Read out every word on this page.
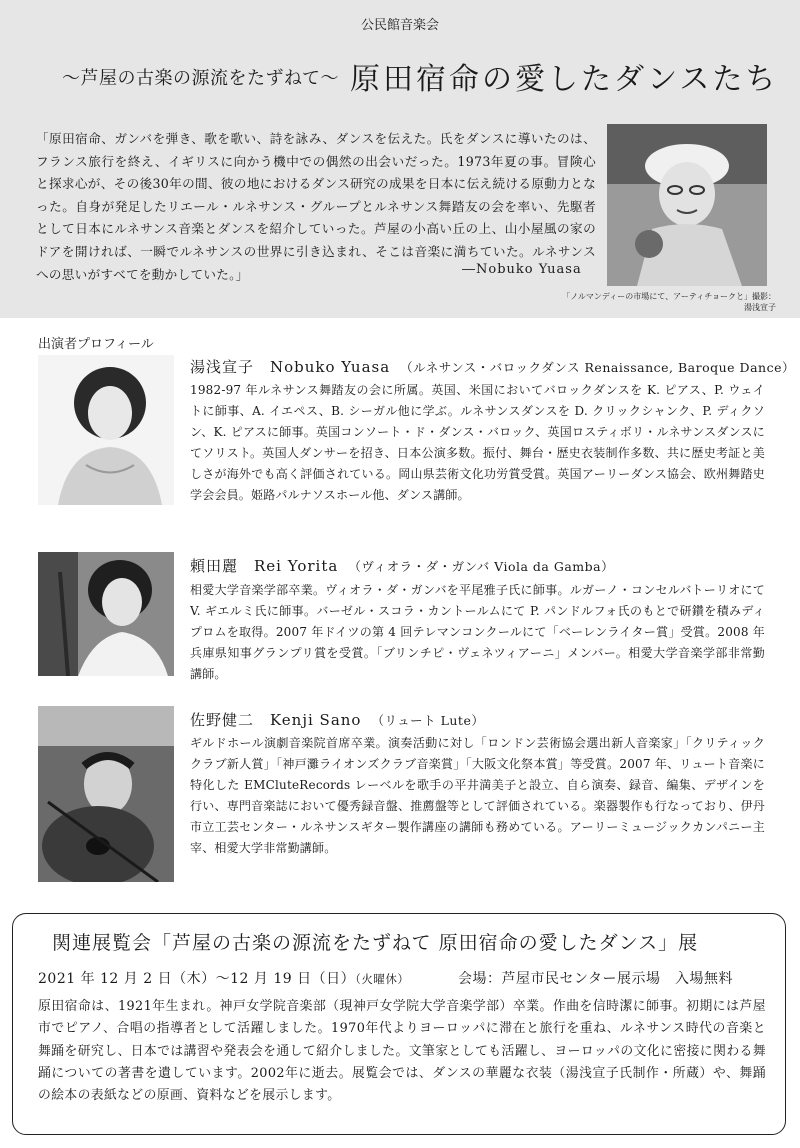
公民館音楽会
～芦屋の古楽の源流をたずねて～ 原田宿命の愛したダンスたち
「原田宿命、ガンバを弾き、歌を歌い、詩を詠み、ダンスを伝えた。氏をダンスに導いたのは、フランス旅行を終え、イギリスに向かう機中での偶然の出会いだった。1973年夏の事。冒険心と探求心が、その後30年の間、彼の地におけるダンス研究の成果を日本に伝え続ける原動力となった。自身が発足したリエール・ルネサンス・グループとルネサンス舞踏友の会を率い、先駆者として日本にルネサンス音楽とダンスを紹介していった。芦屋の小高い丘の上、山小屋風の家のドアを開ければ、一瞬でルネサンスの世界に引き込まれ、そこは音楽に満ちていた。ルネサンスへの思いがすべてを動かしていた。」	―Nobuko Yuasa
「ノルマンディーの市場にて、アーティチョークと」撮影：湯浅宣子
出演者プロフィール
湯浅宣子　Nobuko Yuasa （ルネサンス・バロックダンス Renaissance, Baroque Dance）
1982-97 年ルネサンス舞踏友の会に所属。英国、米国においてバロックダンスを K. ピアス、P. ウェイトに師事、A. イエペス、B. シーガル他に学ぶ。ルネサンスダンスを D. クリックシャンク、P. ディクソン、K. ピアスに師事。英国コンソート・ド・ダンス・バロック、英国ロスティボリ・ルネサンスダンスにてソリスト。英国人ダンサーを招き、日本公演多数。振付、舞台・歴史衣装制作多数、共に歴史考証と美しさが海外でも高く評価されている。岡山県芸術文化功労賞受賞。英国アーリーダンス協会、欧州舞踏史学会会員。姫路パルナソスホール他、ダンス講師。
頼田麗　Rei Yorita （ヴィオラ・ダ・ガンバ Viola da Gamba）
相愛大学音楽学部卒業。ヴィオラ・ダ・ガンバを平尾雅子氏に師事。ルガーノ・コンセルバトーリオにて V. ギエルミ氏に師事。バーゼル・スコラ・カントールムにて P. パンドルフォ氏のもとで研鑽を積みディプロムを取得。2007 年ドイツの第 4 回テレマンコンクールにて「ベーレンライター賞」受賞。2008 年兵庫県知事グランプリ賞を受賞。「ブリンチピ・ヴェネツィアーニ」メンバー。相愛大学音楽学部非常勤講師。
佐野健二　Kenji Sano （リュート Lute）
ギルドホール演劇音楽院首席卒業。演奏活動に対し「ロンドン芸術協会選出新人音楽家」「クリティッククラブ新人賞」「神戸灘ライオンズクラブ音楽賞」「大阪文化祭本賞」等受賞。2007 年、リュート音楽に特化した EMCluteRecords レーベルを歌手の平井満美子と設立、自ら演奏、録音、編集、デザインを行い、専門音楽誌において優秀録音盤、推薦盤等として評価されている。楽器製作も行なっており、伊丹市立工芸センター・ルネサンスギター製作講座の講師も務めている。アーリーミュージックカンパニー主宰、相愛大学非常勤講師。
関連展覧会「芦屋の古楽の源流をたずねて 原田宿命の愛したダンス」展
2021 年 12 月 2 日（木）～12 月 19 日（日）（火曜休）	会場：芦屋市民センター展示場　入場無料
原田宿命は、1921年生まれ。神戸女学院音楽部（現神戸女学院大学音楽学部）卒業。作曲を信時潔に師事。初期には芦屋市でピアノ、合唱の指導者として活躍しました。1970年代よりヨーロッパに滞在と旅行を重ね、ルネサンス時代の音楽と舞踊を研究し、日本では講習や発表会を通して紹介しました。文筆家としても活躍し、ヨーロッパの文化に密接に関わる舞踊についての著書を遺しています。2002年に逝去。展覧会では、ダンスの華麗な衣装（湯浅宣子氏制作・所蔵）や、舞踊の絵本の表紙などの原画、資料などを展示します。
